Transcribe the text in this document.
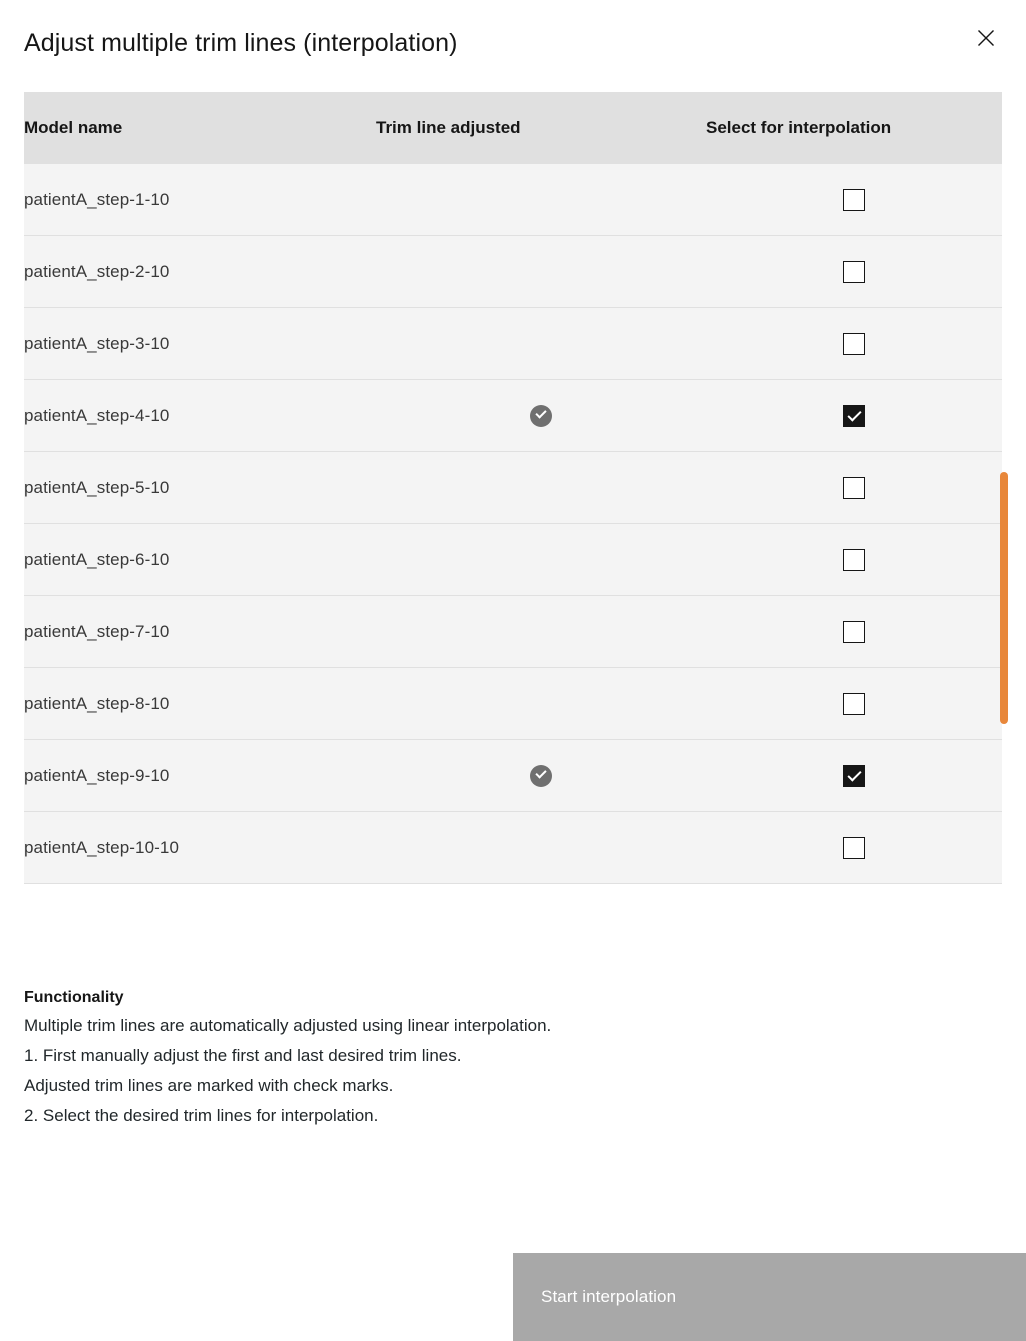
Adjust multiple trim lines (interpolation)
Model name	Trim line adjusted	Select for interpolation
patientA_step-1-10		
patientA_step-2-10		
patientA_step-3-10		
patientA_step-4-10		
patientA_step-5-10		
patientA_step-6-10		
patientA_step-7-10		
patientA_step-8-10		
patientA_step-9-10		
patientA_step-10-10		
Functionality
Multiple trim lines are automatically adjusted using linear interpolation.
1. First manually adjust the first and last desired trim lines.
Adjusted trim lines are marked with check marks.
2. Select the desired trim lines for interpolation.
Start interpolation
